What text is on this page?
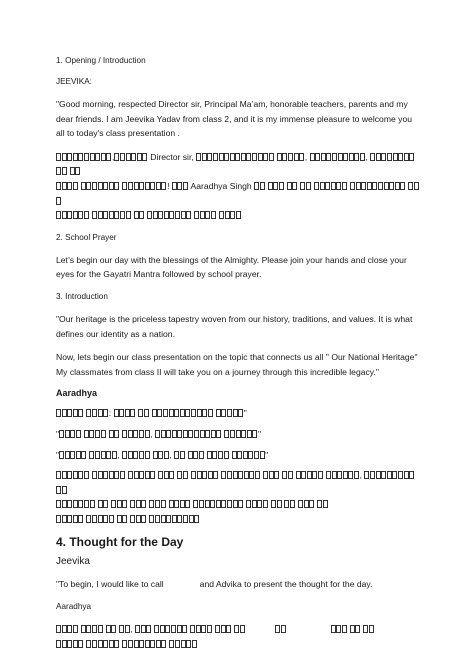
1. Opening / Introduction

JEEVIKA:

"Good morning, respected Director sir, Principal Ma’am, honorable teachers, parents and my dear friends. I am Jeevika Yadav from class 2, and it is my immense pleasure to welcome you all to today's class presentation .

,	Director sir,	,	,
!  Aaradhya Singh

2. School Prayer

Let’s begin our day with the blessings of the Almighty. Please join your hands and close your eyes for the Gayatri Mantra followed by school prayer.

3. Introduction

"Our heritage is the priceless tapestry woven from our history, traditions, and values. It is what defines our identity as a nation.

Now, lets begin our class presentation on the topic that connects us all " Our National Heritage" My classmates from class II will take you on a journey through this incredible legacy."

Aaradhya

:	"

"	,	"

"	,	,	"

,

4. Thought for the Day

Jeevika

"To begin, I would like to call	and Advika to present the thought for the day.

Aaradhya

,
